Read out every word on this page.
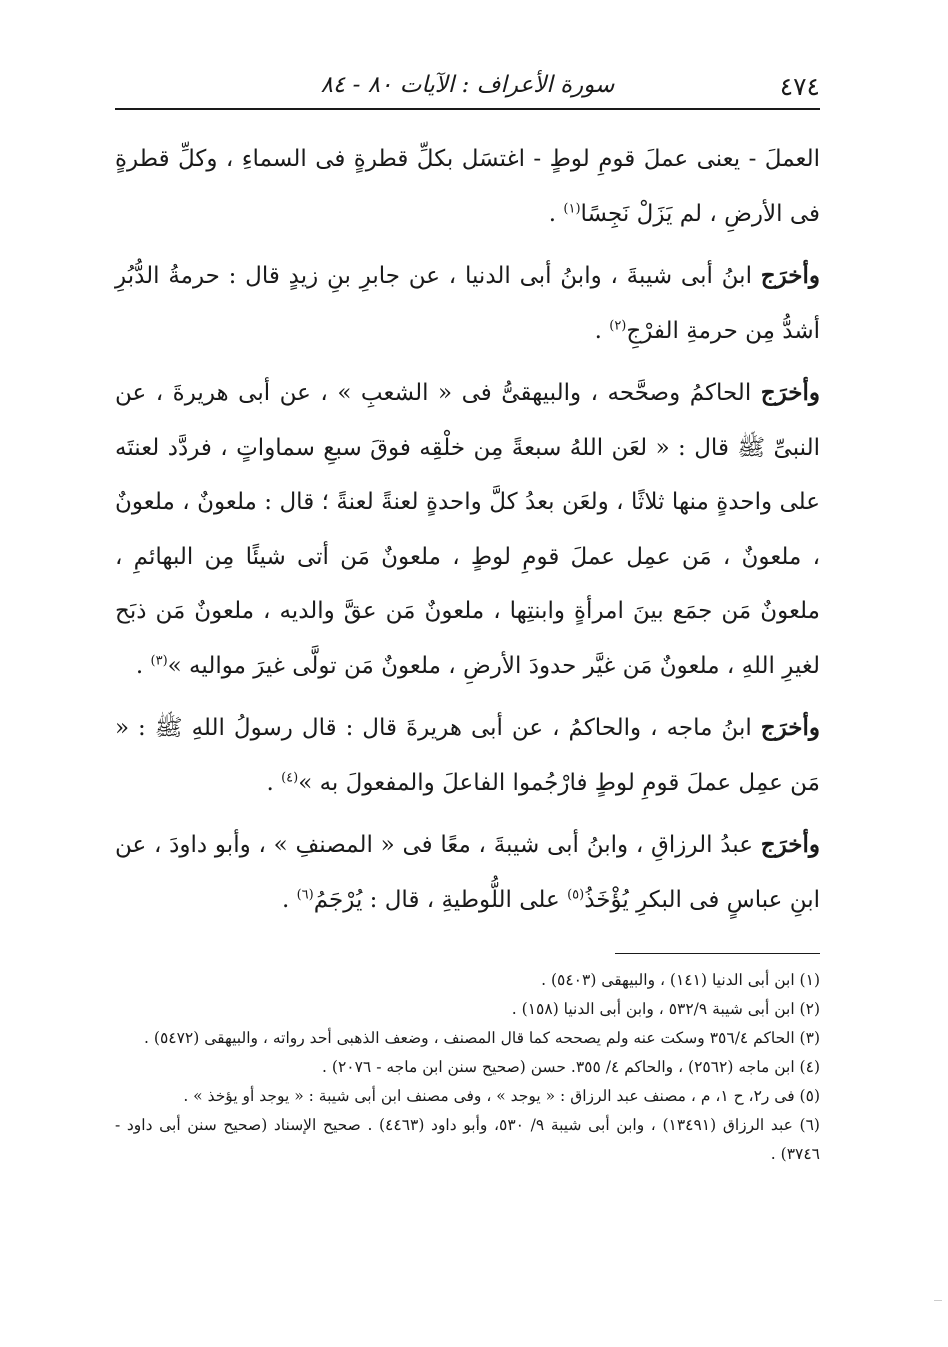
٤٧٤
سورة الأعراف : الآيات ٨٠ - ٨٤

العملَ - يعنى عملَ قومِ لوطٍ - اغتسَل بكلِّ قطرةٍ فى السماءِ ، وكلِّ قطرةٍ فى الأرضِ ، لم يَزَلْ نَجِسًا$^{(١)}$ .

وأخرَج ابنُ أبى شيبةَ ، وابنُ أبى الدنيا ، عن جابرِ بنِ زيدٍ قال : حرمةُ الدُّبُرِ أشدُّ مِن حرمةِ الفرْجِ$^{(٢)}$ .

وأخرَج الحاكمُ وصحَّحه ، والبيهقىُّ فى « الشعبِ » ، عن أبى هريرةَ ، عن النبىِّ ﷺ قال : « لعَن اللهُ سبعةً مِن خلْقِه فوقَ سبعِ سماواتٍ ، فردَّد لعنتَه على واحدةٍ منها ثلاثًا ، ولعَن بعدُ كلَّ واحدةٍ لعنةً لعنةً ؛ قال : ملعونٌ ، ملعونٌ ، ملعونٌ ، مَن عمِل عملَ قومِ لوطٍ ، ملعونٌ مَن أتى شيئًا مِن البهائمِ ، ملعونٌ مَن جمَع بينَ امرأةٍ وابنتِها ، ملعونٌ مَن عقَّ والديه ، ملعونٌ مَن ذبَح لغيرِ اللهِ ، ملعونٌ مَن غيَّر حدودَ الأرضِ ، ملعونٌ مَن تولَّى غيرَ مواليه »$^{(٣)}$ .

وأخرَج ابنُ ماجه ، والحاكمُ ، عن أبى هريرةَ قال : قال رسولُ اللهِ ﷺ : « مَن عمِل عملَ قومِ لوطٍ فارْجُموا الفاعلَ والمفعولَ به »$^{(٤)}$ .

وأخرَج عبدُ الرزاقِ ، وابنُ أبى شيبةَ ، معًا فى « المصنفِ » ، وأبو داودَ ، عن ابنِ عباسٍ فى البكرِ يُؤْخَذُ$^{(٥)}$ على اللُّوطيةِ ، قال : يُرْجَمُ$^{(٦)}$ .

(١) ابن أبى الدنيا (١٤١) ، والبيهقى (٥٤٠٣) .

(٢) ابن أبى شيبة ٥٣٢/٩ ، وابن أبى الدنيا (١٥٨) .

(٣) الحاكم ٣٥٦/٤ وسكت عنه ولم يصححه كما قال المصنف ، وضعف الذهبى أحد رواته ، والبيهقى (٥٤٧٢) .

(٤) ابن ماجه (٢٥٦٢) ، والحاكم ٤/ ٣٥٥. حسن (صحيح سنن ابن ماجه - ٢٠٧٦) .

(٥) فى ر٢، ح ١، م ، مصنف عبد الرزاق : « يوجد » ، وفى مصنف ابن أبى شيبة : « يوجد أو يؤخذ » .

(٦) عبد الرزاق (١٣٤٩١) ، وابن أبى شيبة ٩/ ٥٣٠، وأبو داود (٤٤٦٣) . صحيح الإسناد (صحيح سنن أبى داود - ٣٧٤٦) .
